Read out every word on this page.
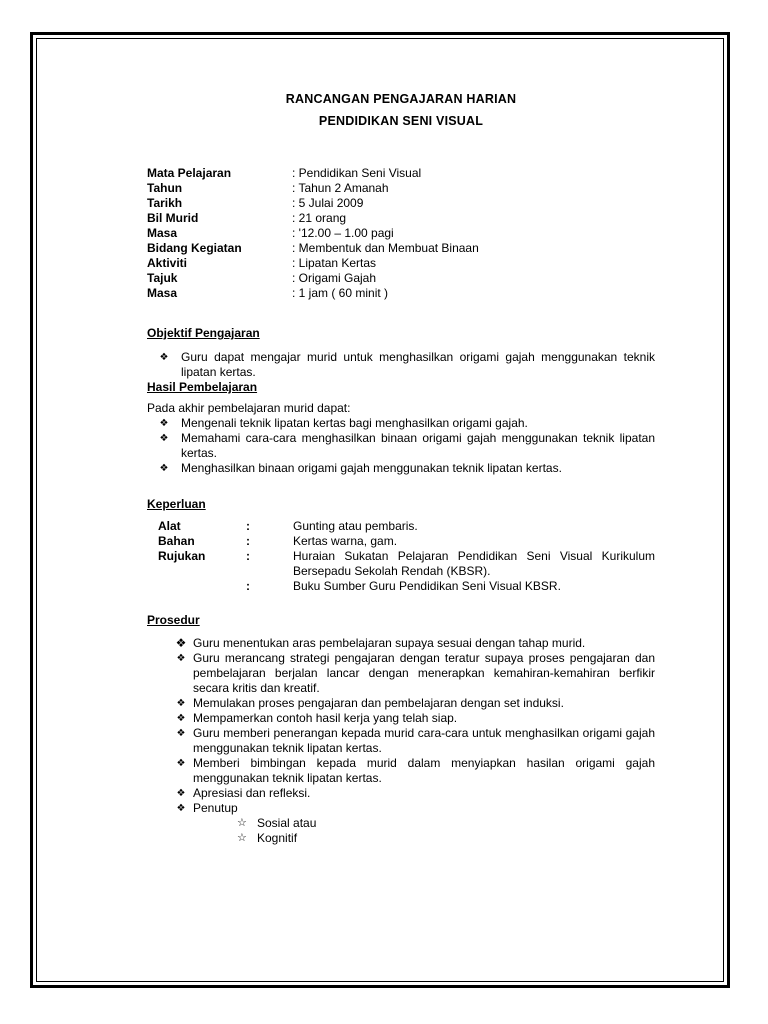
RANCANGAN PENGAJARAN HARIAN
PENDIDIKAN SENI VISUAL
Mata Pelajaran	: Pendidikan Seni Visual
Tahun	: Tahun 2 Amanah
Tarikh	: 5 Julai 2009
Bil Murid	: 21 orang
Masa	: '12.00 – 1.00 pagi
Bidang Kegiatan	: Membentuk dan Membuat Binaan
Aktiviti	: Lipatan Kertas
Tajuk	: Origami Gajah
Masa	: 1 jam ( 60 minit )
Objektif Pengajaran
❖	Guru dapat mengajar murid untuk menghasilkan origami gajah menggunakan teknik lipatan kertas.
Hasil Pembelajaran
Pada akhir pembelajaran murid dapat:
❖	Mengenali teknik lipatan kertas bagi menghasilkan origami gajah.
❖	Memahami cara-cara menghasilkan binaan origami gajah menggunakan teknik lipatan kertas.
❖	Menghasilkan binaan origami gajah menggunakan teknik lipatan kertas.
Keperluan
Alat	:	Gunting atau pembaris.
Bahan	:	Kertas warna, gam.
Rujukan	:	Huraian Sukatan Pelajaran Pendidikan Seni Visual Kurikulum Bersepadu Sekolah Rendah (KBSR).
:	Buku Sumber Guru Pendidikan Seni Visual KBSR.
Prosedur
❖ Guru menentukan aras pembelajaran supaya sesuai dengan tahap murid.
❖ Guru merancang strategi pengajaran dengan teratur supaya proses pengajaran dan pembelajaran berjalan lancar dengan menerapkan kemahiran-kemahiran berfikir secara kritis dan kreatif.
❖ Memulakan proses pengajaran dan pembelajaran dengan set induksi.
❖ Mempamerkan contoh hasil kerja yang telah siap.
❖ Guru memberi penerangan kepada murid cara-cara untuk menghasilkan origami gajah menggunakan teknik lipatan kertas.
❖ Memberi bimbingan kepada murid dalam menyiapkan hasilan origami gajah menggunakan teknik lipatan kertas.
❖ Apresiasi dan refleksi.
❖ Penutup
☆ Sosial atau
☆ Kognitif
